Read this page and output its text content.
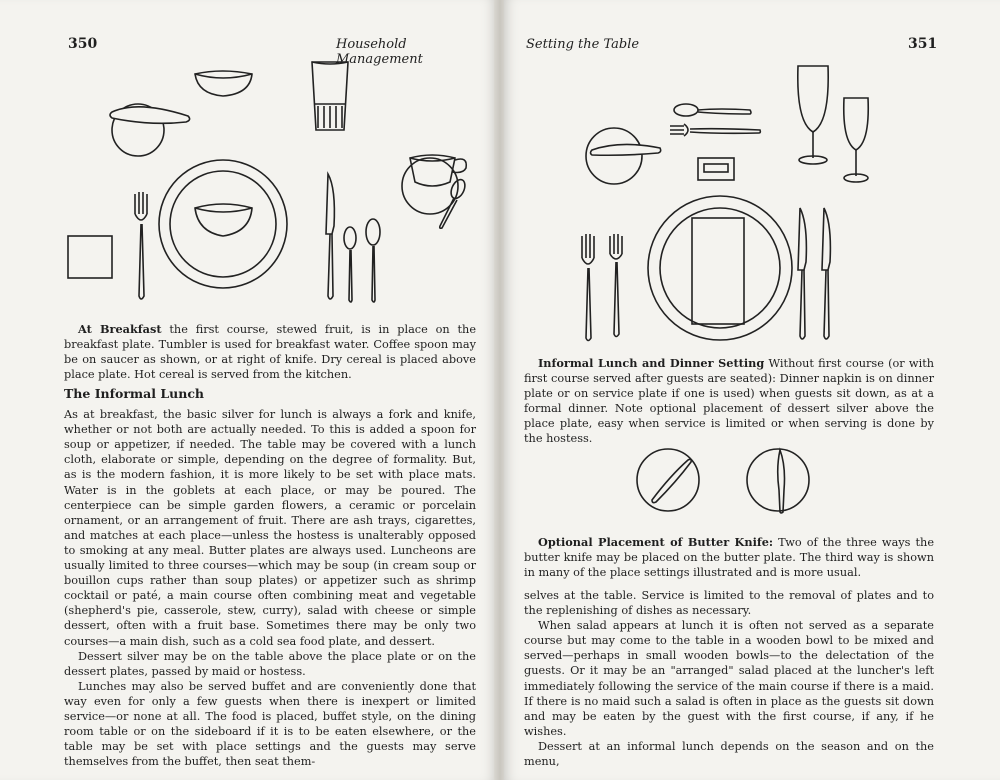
350	Household Management

At Breakfast the first course, stewed fruit, is in place on the breakfast plate. Tumbler is used for breakfast water. Coffee spoon may be on saucer as shown, or at right of knife. Dry cereal is placed above place plate. Hot cereal is served from the kitchen.

The Informal Lunch

As at breakfast, the basic silver for lunch is always a fork and knife, whether or not both are actually needed. To this is added a spoon for soup or appetizer, if needed. The table may be covered with a lunch cloth, elaborate or simple, depending on the degree of formality. But, as is the modern fashion, it is more likely to be set with place mats. Water is in the goblets at each place, or may be poured. The centerpiece can be simple garden flowers, a ceramic or porcelain ornament, or an arrangement of fruit. There are ash trays, cigarettes, and matches at each place—unless the hostess is unalterably opposed to smoking at any meal. Butter plates are always used. Luncheons are usually limited to three courses—which may be soup (in cream soup or bouillon cups rather than soup plates) or appetizer such as shrimp cocktail or paté, a main course often combining meat and vegetable (shepherd's pie, casserole, stew, curry), salad with cheese or simple dessert, often with a fruit base. Sometimes there may be only two courses—a main dish, such as a cold sea food plate, and dessert.

Dessert silver may be on the table above the place plate or on the dessert plates, passed by maid or hostess.

Lunches may also be served buffet and are conveniently done that way even for only a few guests when there is inexpert or limited service—or none at all. The food is placed, buffet style, on the dining room table or on the sideboard if it is to be eaten elsewhere, or the table may be set with place settings and the guests may serve themselves from the buffet, then seat them-

Setting the Table	351

Informal Lunch and Dinner Setting Without first course (or with first course served after guests are seated): Dinner napkin is on dinner plate or on service plate if one is used) when guests sit down, as at a formal dinner. Note optional placement of dessert silver above the place plate, easy when service is limited or when serving is done by the hostess.

Optional Placement of Butter Knife: Two of the three ways the butter knife may be placed on the butter plate. The third way is shown in many of the place settings illustrated and is more usual.

selves at the table. Service is limited to the removal of plates and to the replenishing of dishes as necessary.

When salad appears at lunch it is often not served as a separate course but may come to the table in a wooden bowl to be mixed and served—perhaps in small wooden bowls—to the delectation of the guests. Or it may be an "arranged" salad placed at the luncher's left immediately following the service of the main course if there is a maid. If there is no maid such a salad is often in place as the guests sit down and may be eaten by the guest with the first course, if any, if he wishes.

Dessert at an informal lunch depends on the season and on the menu,
